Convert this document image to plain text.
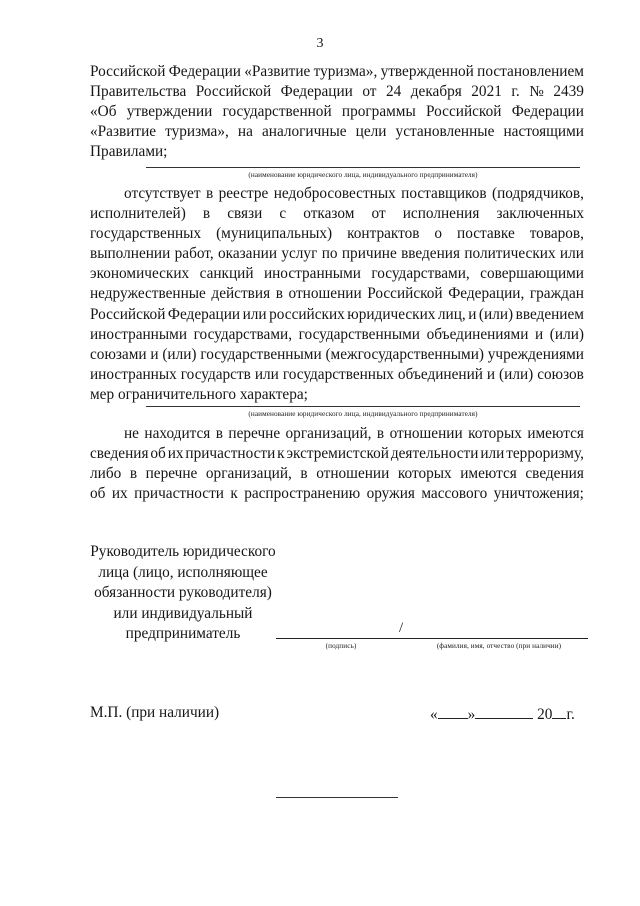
3
Российской Федерации «Развитие туризма», утвержденной постановлением
Правительства Российской Федерации от 24 декабря 2021 г. № 2439
«Об утверждении государственной программы Российской Федерации
«Развитие туризма», на аналогичные цели установленные настоящими
Правилами;
(наименование юридического лица, индивидуального предпринимателя)
отсутствует в реестре недобросовестных поставщиков (подрядчиков,
исполнителей) в связи с отказом от исполнения заключенных
государственных (муниципальных) контрактов о поставке товаров,
выполнении работ, оказании услуг по причине введения политических или
экономических санкций иностранными государствами, совершающими
недружественные действия в отношении Российской Федерации, граждан
Российской Федерации или российских юридических лиц, и (или) введением
иностранными государствами, государственными объединениями и (или)
союзами и (или) государственными (межгосударственными) учреждениями
иностранных государств или государственных объединений и (или) союзов
мер ограничительного характера;
(наименование юридического лица, индивидуального предпринимателя)
не находится в перечне организаций, в отношении которых имеются
сведения об их причастности к экстремистской деятельности или терроризму,
либо в перечне организаций, в отношении которых имеются сведения
об их причастности к распространению оружия массового уничтожения;
Руководитель юридического
лица (лицо, исполняющее
обязанности руководителя)
или индивидуальный
предприниматель	/
(подпись)	(фамилия, имя, отчество (при наличии)
М.П. (при наличии)	« »	20 г.
